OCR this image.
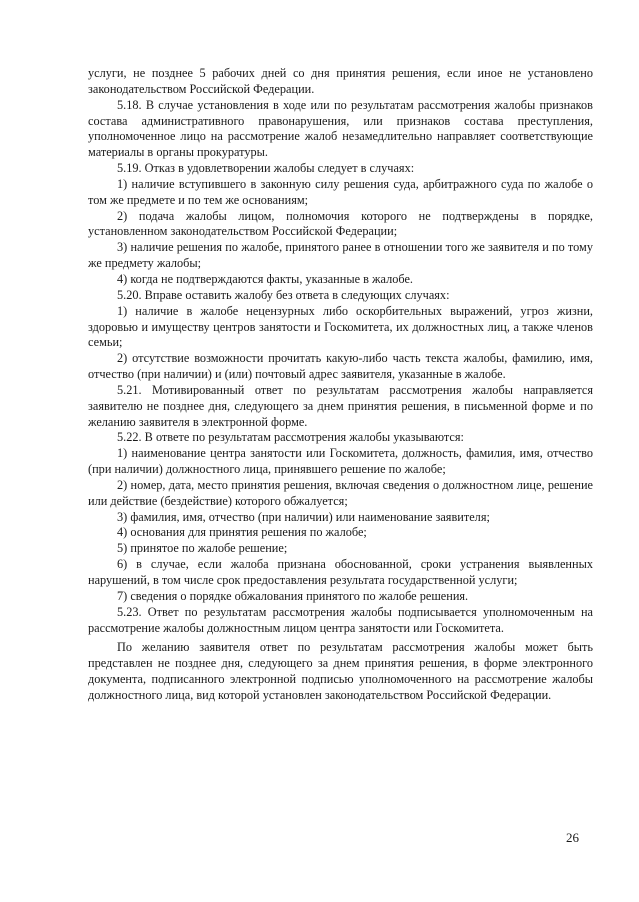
услуги, не позднее 5 рабочих дней со дня принятия решения, если иное не установлено законодательством Российской Федерации.

5.18. В случае установления в ходе или по результатам рассмотрения жалобы признаков состава административного правонарушения, или признаков состава преступления, уполномоченное лицо на рассмотрение жалоб незамедлительно направляет соответствующие материалы в органы прокуратуры.

5.19. Отказ в удовлетворении жалобы следует в случаях:

1) наличие вступившего в законную силу решения суда, арбитражного суда по жалобе о том же предмете и по тем же основаниям;

2) подача жалобы лицом, полномочия которого не подтверждены в порядке, установленном законодательством Российской Федерации;

3) наличие решения по жалобе, принятого ранее в отношении того же заявителя и по тому же предмету жалобы;

4) когда не подтверждаются факты, указанные в жалобе.

5.20. Вправе оставить жалобу без ответа в следующих случаях:

1) наличие в жалобе нецензурных либо оскорбительных выражений, угроз жизни, здоровью и имуществу центров занятости и Госкомитета, их должностных лиц, а также членов семьи;

2) отсутствие возможности прочитать какую-либо часть текста жалобы, фамилию, имя, отчество (при наличии) и (или) почтовый адрес заявителя, указанные в жалобе.

5.21. Мотивированный ответ по результатам рассмотрения жалобы направляется заявителю не позднее дня, следующего за днем принятия решения, в письменной форме и по желанию заявителя в электронной форме.

5.22. В ответе по результатам рассмотрения жалобы указываются:

1) наименование центра занятости или Госкомитета, должность, фамилия, имя, отчество (при наличии) должностного лица, принявшего решение по жалобе;

2) номер, дата, место принятия решения, включая сведения о должностном лице, решение или действие (бездействие) которого обжалуется;

3) фамилия, имя, отчество (при наличии) или наименование заявителя;

4) основания для принятия решения по жалобе;

5) принятое по жалобе решение;

6) в случае, если жалоба признана обоснованной, сроки устранения выявленных нарушений, в том числе срок предоставления результата государственной услуги;

7) сведения о порядке обжалования принятого по жалобе решения.

5.23. Ответ по результатам рассмотрения жалобы подписывается уполномоченным на рассмотрение жалобы должностным лицом центра занятости или Госкомитета.

По желанию заявителя ответ по результатам рассмотрения жалобы может быть представлен не позднее дня, следующего за днем принятия решения, в форме электронного документа, подписанного электронной подписью уполномоченного на рассмотрение жалобы должностного лица, вид которой установлен законодательством Российской Федерации.

26
